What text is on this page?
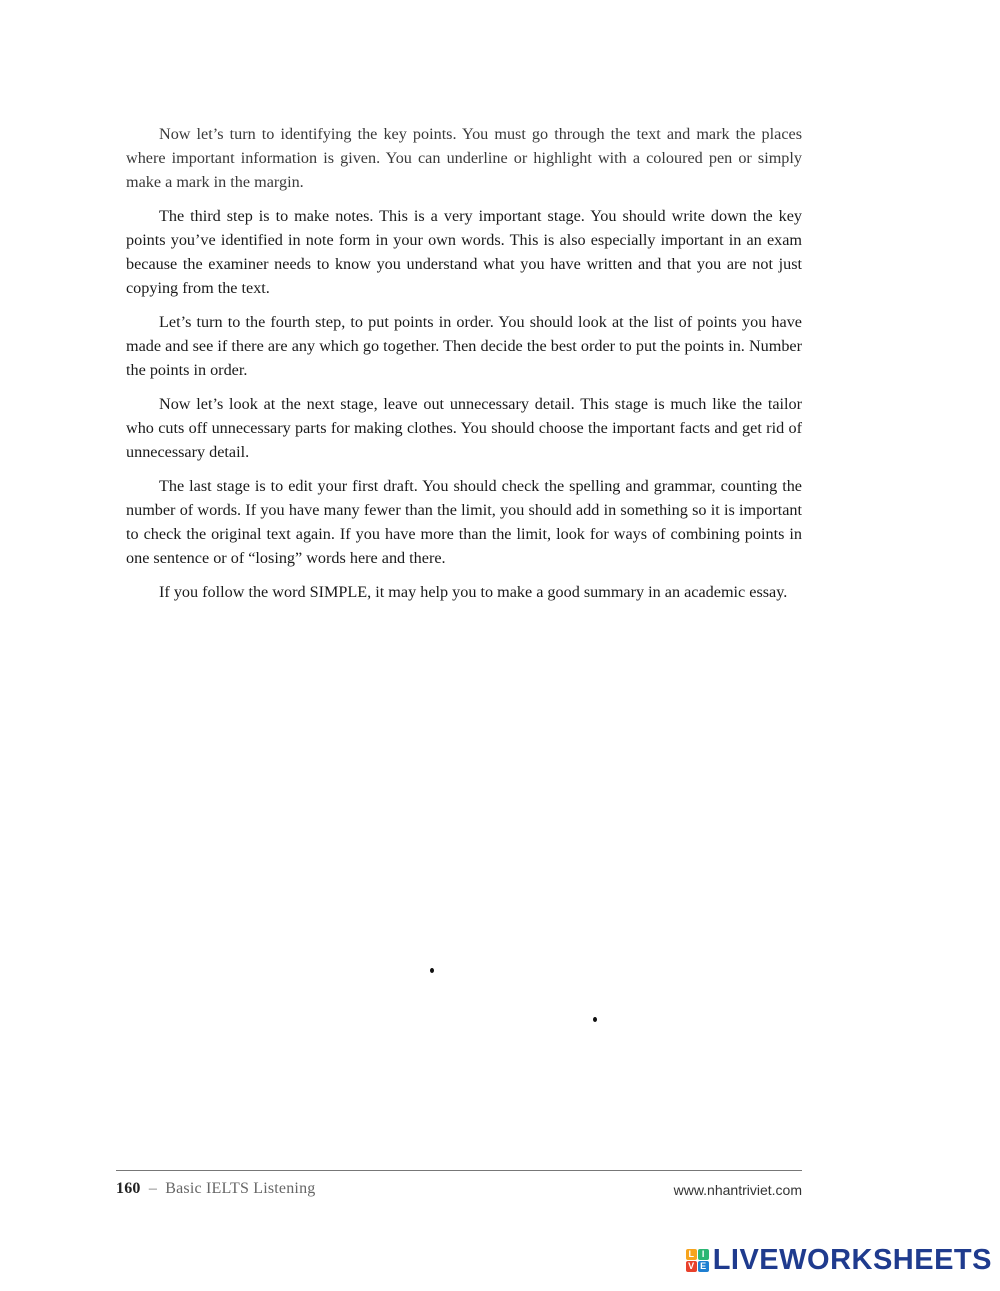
Now let’s turn to identifying the key points. You must go through the text and mark the places where important information is given. You can underline or highlight with a coloured pen or simply make a mark in the margin.

The third step is to make notes. This is a very important stage. You should write down the key points you’ve identified in note form in your own words. This is also especially important in an exam because the examiner needs to know you understand what you have written and that you are not just copying from the text.

Let’s turn to the fourth step, to put points in order. You should look at the list of points you have made and see if there are any which go together. Then decide the best order to put the points in. Number the points in order.

Now let’s look at the next stage, leave out unnecessary detail. This stage is much like the tailor who cuts off unnecessary parts for making clothes. You should choose the important facts and get rid of unnecessary detail.

The last stage is to edit your first draft. You should check the spelling and grammar, counting the number of words. If you have many fewer than the limit, you should add in something so it is important to check the original text again. If you have more than the limit, look for ways of combining points in one sentence or of “losing” words here and there.

If you follow the word SIMPLE, it may help you to make a good summary in an academic essay.

160 – Basic IELTS Listening	www.nhantriviet.com
L I
V E LIVEWORKSHEETS
